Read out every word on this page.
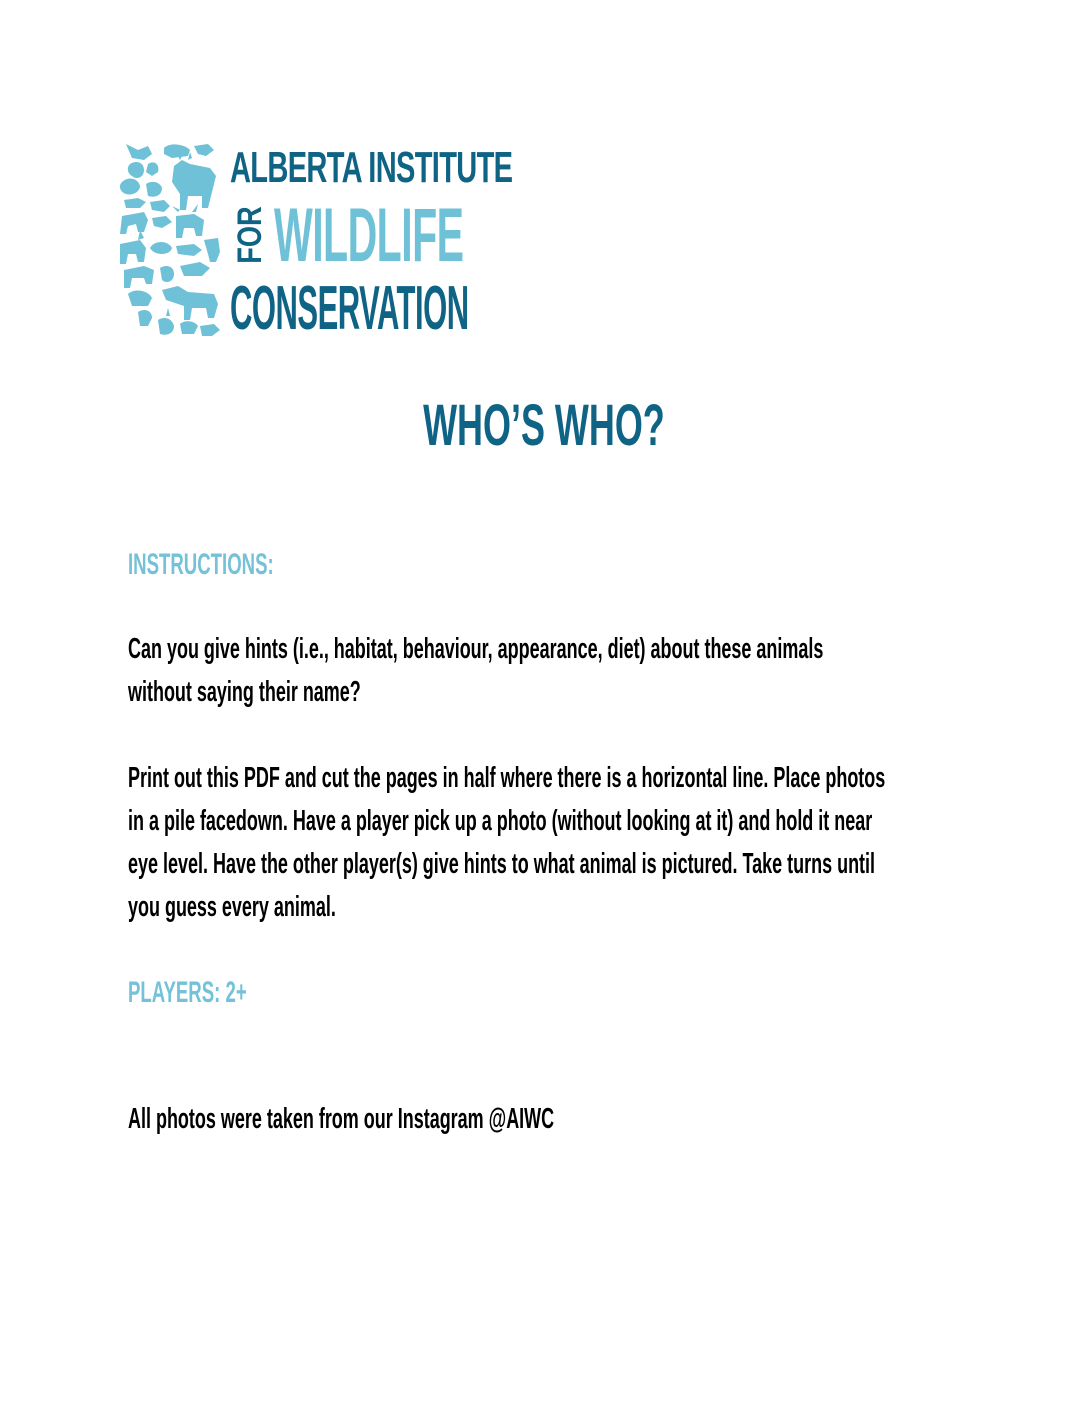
ALBERTA INSTITUTE
FOR WILDLIFE
CONSERVATION
WHO’S WHO?
INSTRUCTIONS:
Can you give hints (i.e., habitat, behaviour, appearance, diet) about these animals
without saying their name?
Print out this PDF and cut the pages in half where there is a horizontal line. Place photos
in a pile facedown. Have a player pick up a photo (without looking at it) and hold it near
eye level. Have the other player(s) give hints to what animal is pictured. Take turns until
you guess every animal.
PLAYERS: 2+
All photos were taken from our Instagram @AIWC
